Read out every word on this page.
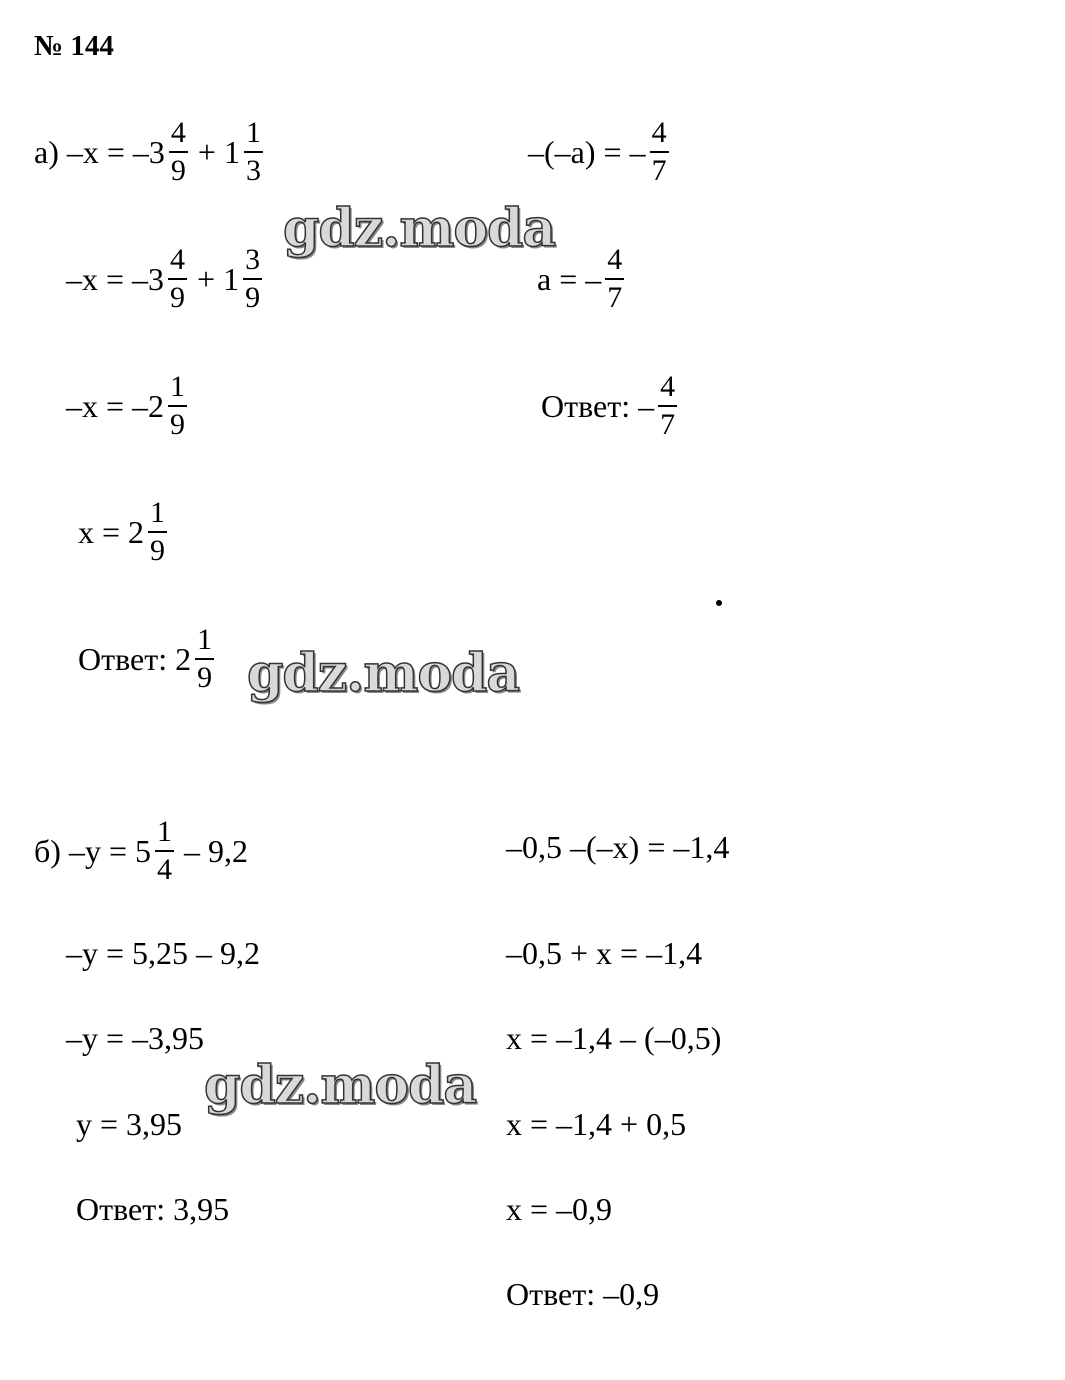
№ 144
а) $-x = -3 \frac{4}{9} + 1 \frac{1}{3}$
$-x = -3 \frac{4}{9} + 1 \frac{3}{9}$
$-x = -2 \frac{1}{9}$
$x = 2 \frac{1}{9}$
Ответ: $2 \frac{1}{9}$
–(–a) = – $\frac{4}{7}$
a = – $\frac{4}{7}$
Ответ: – $\frac{4}{7}$
б) $-y = 5 \frac{1}{4} - 9,2$
–y = 5,25 – 9,2
–y = –3,95
y = 3,95
Ответ: 3,95
–0,5 –(–x) = –1,4
–0,5 + x = –1,4
x = –1,4 – (–0,5)
x = –1,4 + 0,5
x = –0,9
Ответ: –0,9
gdz.moda
gdz.moda
gdz.moda
